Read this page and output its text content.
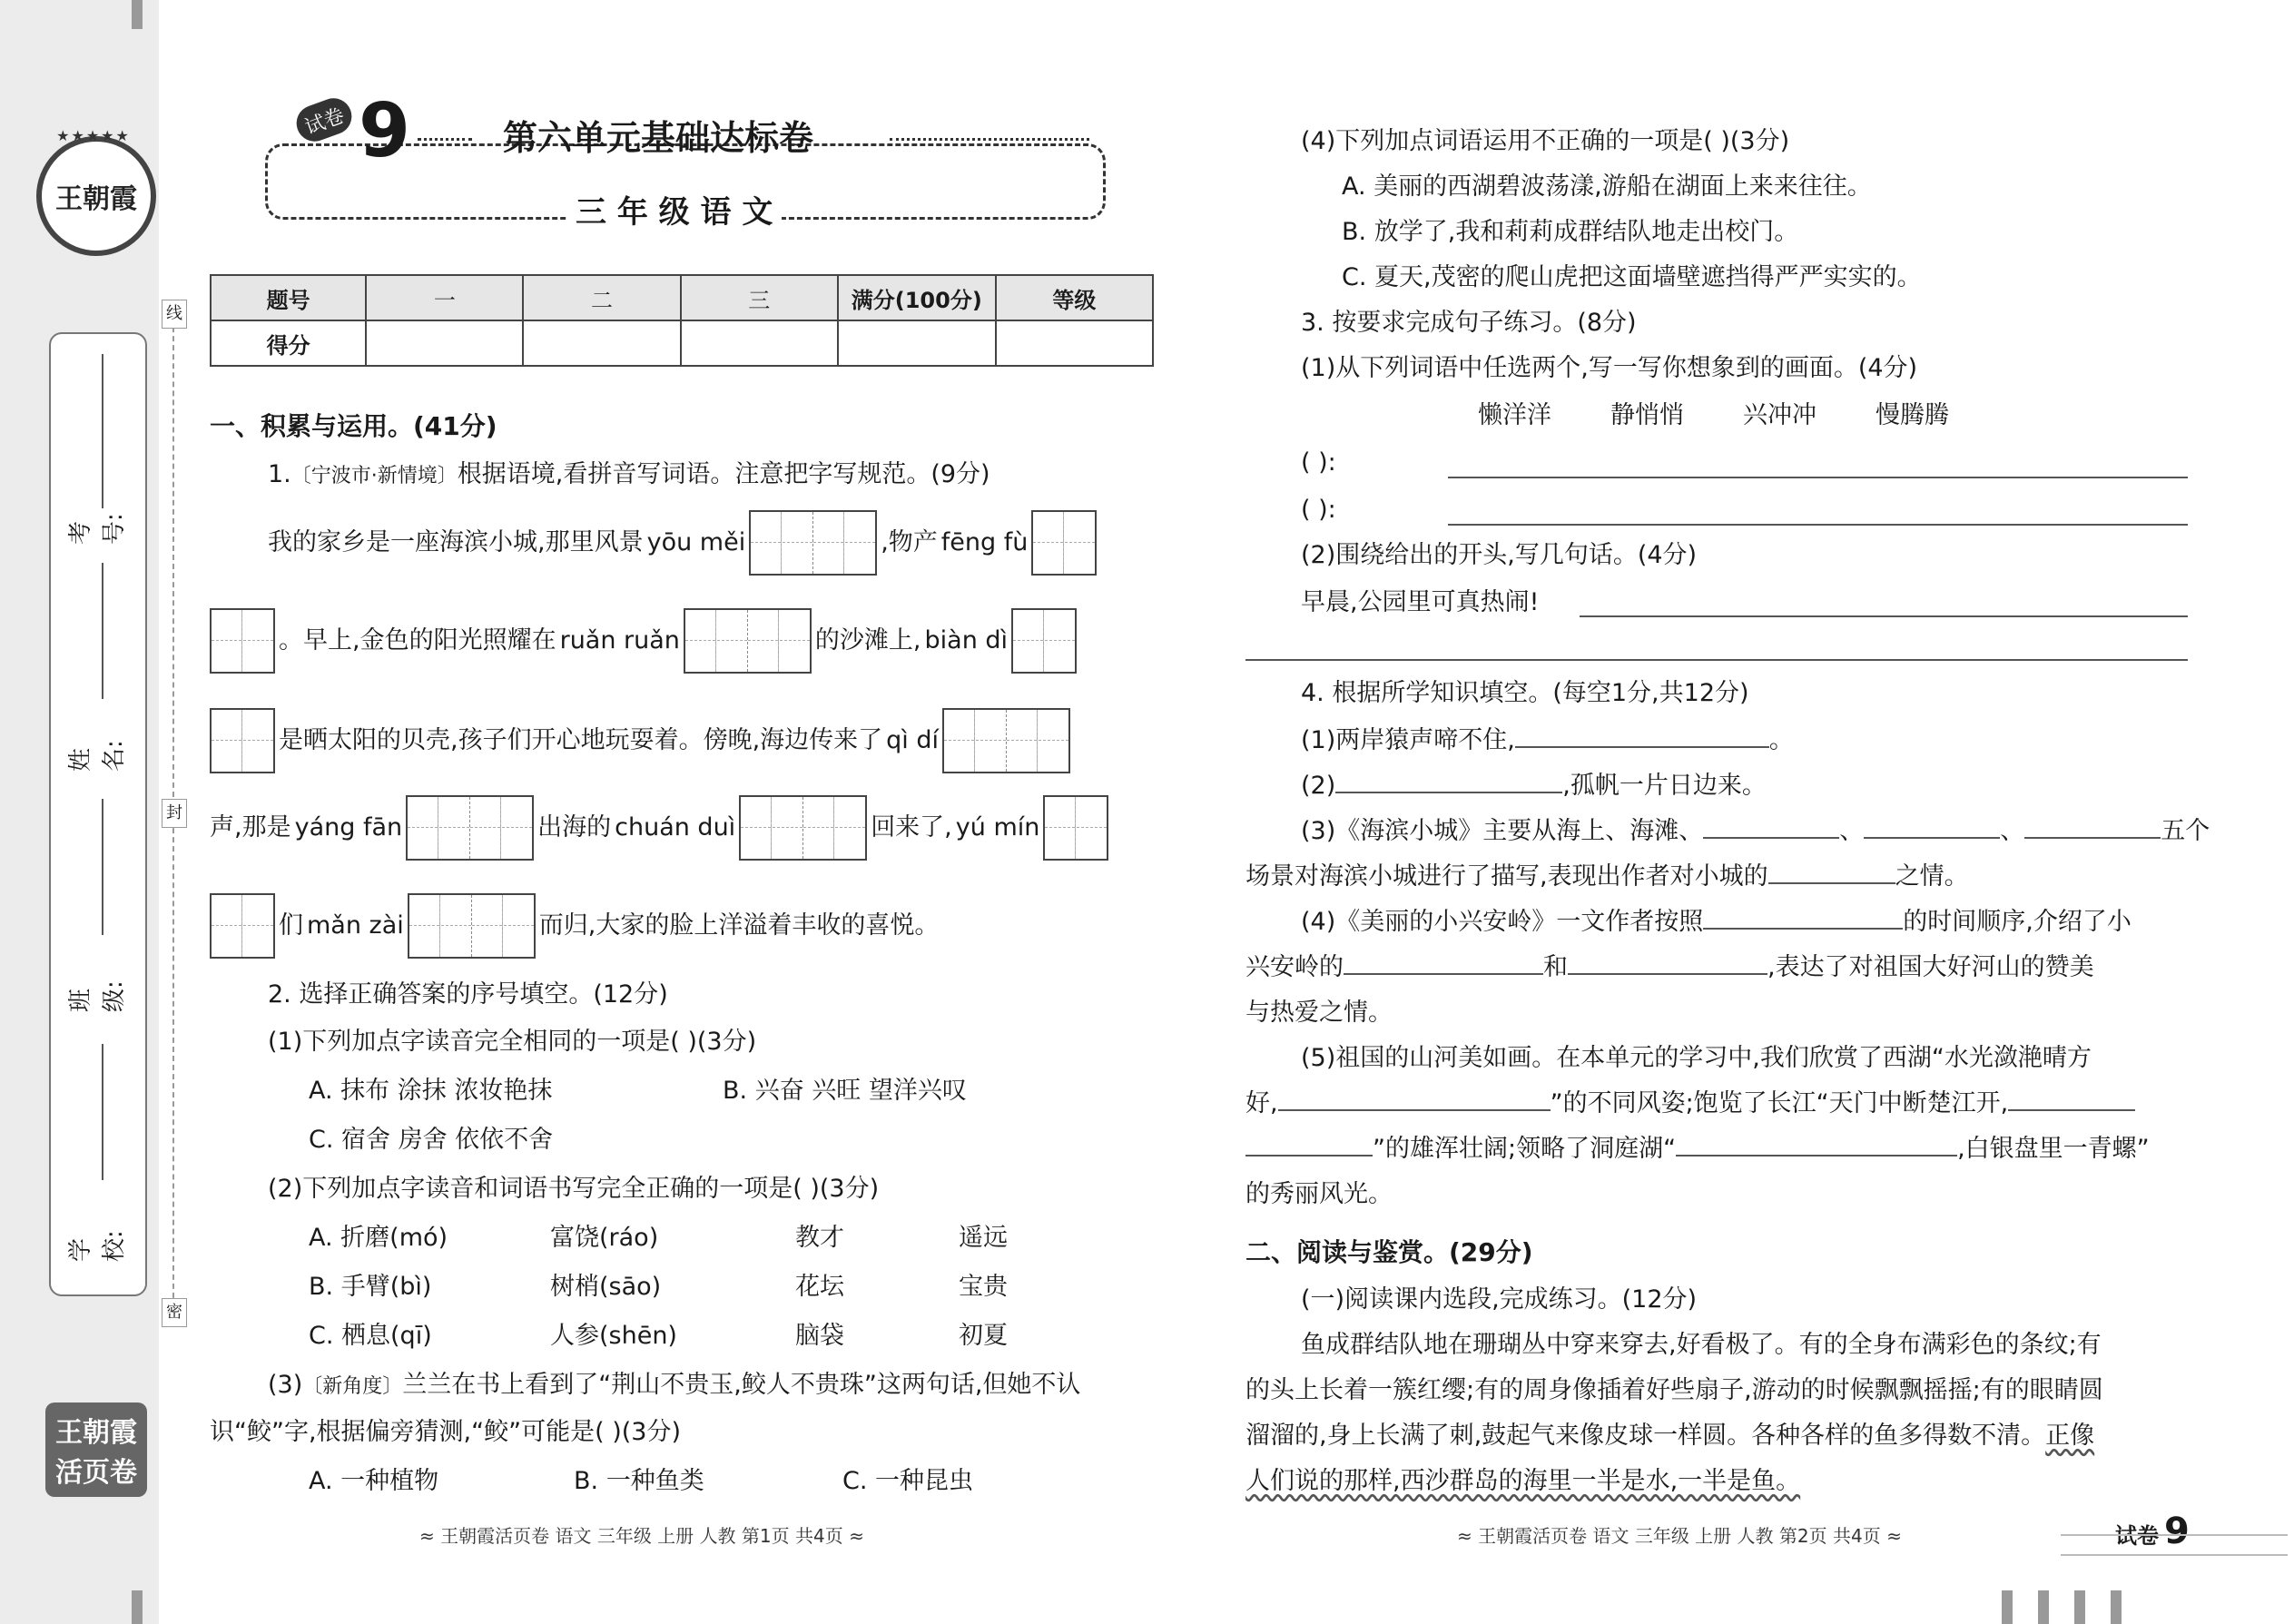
王朝霞
★★★★★
考号:
姓名:
班级:
学校:
线
封
密
王朝霞
活页卷
试卷 9	第六单元基础达标卷
三 年 级 语 文
题号	一	二	三	满分(100分)	等级
得分					
一、积累与运用。(41分)
1.〔宁波市·新情境〕根据语境,看拼音写词语。注意把字写规范。(9分)
我的家乡是一座海滨小城,那里风景 yōu měi	,物产 fēng fù
。早上,金色的阳光照耀在 ruǎn ruǎn	的沙滩上, biàn dì
是晒太阳的贝壳,孩子们开心地玩耍着。傍晚,海边传来了 qì dí
声,那是 yáng fān	出海的 chuán duì	回来了, yú mín
们 mǎn zài	而归,大家的脸上洋溢着丰收的喜悦。
2. 选择正确答案的序号填空。(12分)
(1)下列加点字读音完全相同的一项是( )(3分)
A. 抹布 涂抹 浓妆艳抹	B. 兴奋 兴旺 望洋兴叹
C. 宿舍 房舍 依依不舍
(2)下列加点字读音和词语书写完全正确的一项是( )(3分)
A. 折磨(mó)	富饶(ráo)	教才	遥远
B. 手臂(bì)	树梢(sāo)	花坛	宝贵
C. 栖息(qī)	人参(shēn)	脑袋	初夏
(3)〔新角度〕兰兰在书上看到了“荆山不贵玉,鲛人不贵珠”这两句话,但她不认
识“鲛”字,根据偏旁猜测,“鲛”可能是( )(3分)
A. 一种植物	B. 一种鱼类	C. 一种昆虫
≈ 王朝霞活页卷 语文 三年级 上册 人教 第1页 共4页 ≈
(4)下列加点词语运用不正确的一项是( )(3分)
A. 美丽的西湖碧波荡漾,游船在湖面上来来往往。
B. 放学了,我和莉莉成群结队地走出校门。
C. 夏天,茂密的爬山虎把这面墙壁遮挡得严严实实的。
3. 按要求完成句子练习。(8分)
(1)从下列词语中任选两个,写一写你想象到的画面。(4分)
懒洋洋 静悄悄 兴冲冲 慢腾腾
( ):
( ):
(2)围绕给出的开头,写几句话。(4分)
早晨,公园里可真热闹!
4. 根据所学知识填空。(每空1分,共12分)
(1)两岸猿声啼不住,	。
(2)	,孤帆一片日边来。
(3)《海滨小城》主要从海上、海滩、	、	、	五个
场景对海滨小城进行了描写,表现出作者对小城的	之情。
(4)《美丽的小兴安岭》一文作者按照	的时间顺序,介绍了小
兴安岭的	和	,表达了对祖国大好河山的赞美
与热爱之情。
(5)祖国的山河美如画。在本单元的学习中,我们欣赏了西湖“水光潋滟晴方
好,	”的不同风姿;饱览了长江“天门中断楚江开,
”的雄浑壮阔;领略了洞庭湖“	,白银盘里一青螺”
的秀丽风光。
二、阅读与鉴赏。(29分)
(一)阅读课内选段,完成练习。(12分)
鱼成群结队地在珊瑚丛中穿来穿去,好看极了。有的全身布满彩色的条纹;有
的头上长着一簇红缨;有的周身像插着好些扇子,游动的时候飘飘摇摇;有的眼睛圆
溜溜的,身上长满了刺,鼓起气来像皮球一样圆。各种各样的鱼多得数不清。正像
人们说的那样,西沙群岛的海里一半是水,一半是鱼。
≈ 王朝霞活页卷 语文 三年级 上册 人教 第2页 共4页 ≈	试卷 9
